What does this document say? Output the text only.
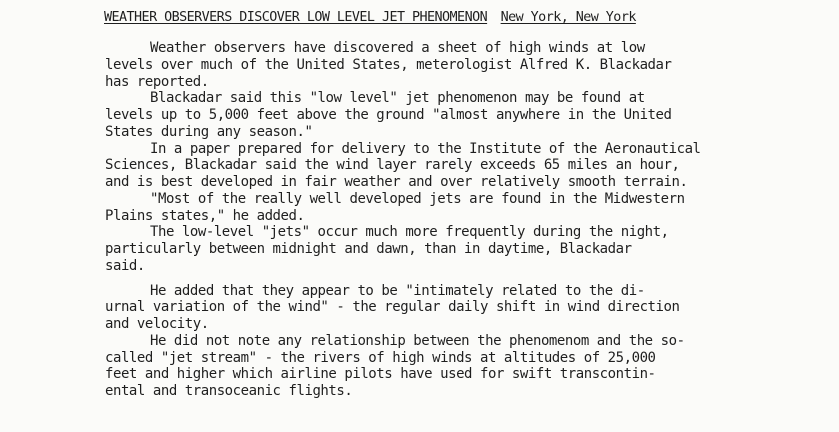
WEATHER OBSERVERS DISCOVER LOW LEVEL JET PHENOMENON New York, New York
Weather observers have discovered a sheet of high winds at low
levels over much of the United States, meterologist Alfred K. Blackadar
has reported.
Blackadar said this "low level" jet phenomenon may be found at
levels up to 5,000 feet above the ground "almost anywhere in the United
States during any season."
In a paper prepared for delivery to the Institute of the Aeronautical
Sciences, Blackadar said the wind layer rarely exceeds 65 miles an hour,
and is best developed in fair weather and over relatively smooth terrain.
"Most of the really well developed jets are found in the Midwestern
Plains states," he added.
The low-level "jets" occur much more frequently during the night,
particularly between midnight and dawn, than in daytime, Blackadar
said.
He added that they appear to be "intimately related to the di-
urnal variation of the wind" - the regular daily shift in wind direction
and velocity.
He did not note any relationship between the phenomenom and the so-
called "jet stream" - the rivers of high winds at altitudes of 25,000
feet and higher which airline pilots have used for swift transcontin-
ental and transoceanic flights.
